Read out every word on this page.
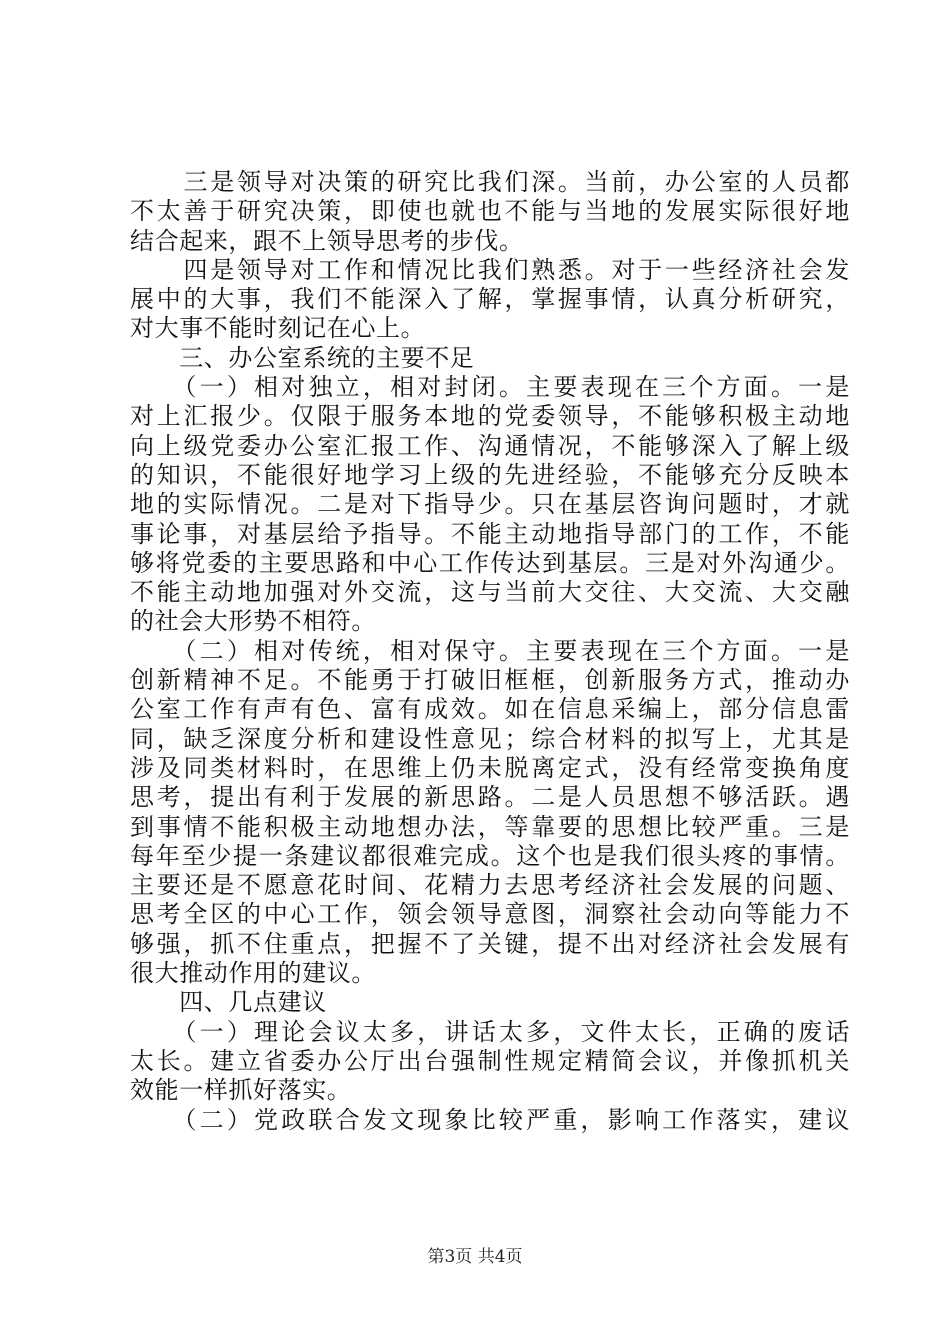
　　三是领导对决策的研究比我们深。当前，办公室的人员都
不太善于研究决策，即使也就也不能与当地的发展实际很好地
结合起来，跟不上领导思考的步伐。
　　四是领导对工作和情况比我们熟悉。对于一些经济社会发
展中的大事，我们不能深入了解，掌握事情，认真分析研究，
对大事不能时刻记在心上。
　　三、办公室系统的主要不足
　　（一）相对独立，相对封闭。主要表现在三个方面。一是
对上汇报少。仅限于服务本地的党委领导，不能够积极主动地
向上级党委办公室汇报工作、沟通情况，不能够深入了解上级
的知识，不能很好地学习上级的先进经验，不能够充分反映本
地的实际情况。二是对下指导少。只在基层咨询问题时，才就
事论事，对基层给予指导。不能主动地指导部门的工作，不能
够将党委的主要思路和中心工作传达到基层。三是对外沟通少。
不能主动地加强对外交流，这与当前大交往、大交流、大交融
的社会大形势不相符。
　　（二）相对传统，相对保守。主要表现在三个方面。一是
创新精神不足。不能勇于打破旧框框，创新服务方式，推动办
公室工作有声有色、富有成效。如在信息采编上，部分信息雷
同，缺乏深度分析和建设性意见；综合材料的拟写上，尤其是
涉及同类材料时，在思维上仍未脱离定式，没有经常变换角度
思考，提出有利于发展的新思路。二是人员思想不够活跃。遇
到事情不能积极主动地想办法，等靠要的思想比较严重。三是
每年至少提一条建议都很难完成。这个也是我们很头疼的事情。
主要还是不愿意花时间、花精力去思考经济社会发展的问题、
思考全区的中心工作，领会领导意图，洞察社会动向等能力不
够强，抓不住重点，把握不了关键，提不出对经济社会发展有
很大推动作用的建议。
　　四、几点建议
　　（一）理论会议太多，讲话太多，文件太长，正确的废话
太长。建立省委办公厅出台强制性规定精简会议，并像抓机关
效能一样抓好落实。
　　（二）党政联合发文现象比较严重，影响工作落实，建议
第3页 共4页
